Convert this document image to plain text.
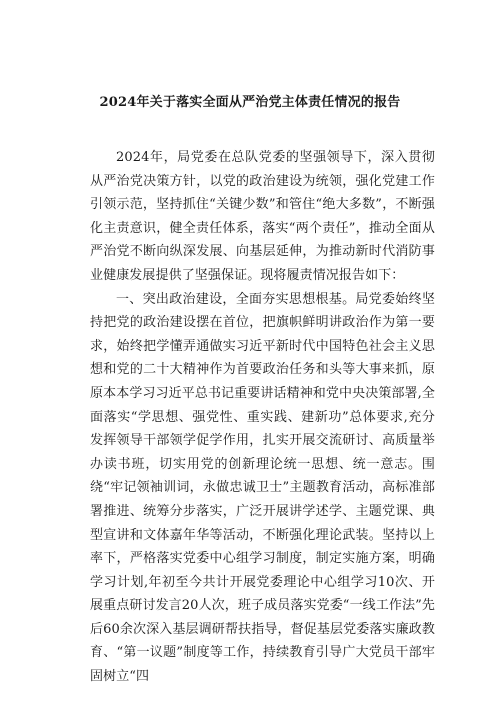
2024年关于落实全面从严治党主体责任情况的报告

2024年，局党委在总队党委的坚强领导下，深入贯彻从严治党决策方针，以党的政治建设为统领，强化党建工作引领示范，坚持抓住“关键少数”和管住“绝大多数”，不断强化主责意识，健全责任体系，落实“两个责任”，推动全面从严治党不断向纵深发展、向基层延伸，为推动新时代消防事业健康发展提供了坚强保证。现将履责情况报告如下：

一、突出政治建设，全面夯实思想根基。局党委始终坚持把党的政治建设摆在首位，把旗帜鲜明讲政治作为第一要求，始终把学懂弄通做实习近平新时代中国特色社会主义思想和党的二十大精神作为首要政治任务和头等大事来抓，原原本本学习习近平总书记重要讲话精神和党中央决策部署,全面落实“学思想、强党性、重实践、建新功”总体要求,充分发挥领导干部领学促学作用，扎实开展交流研讨、高质量举办读书班，切实用党的创新理论统一思想、统一意志。围绕“牢记领袖训词，永做忠诚卫士”主题教育活动，高标准部署推进、统筹分步落实，广泛开展讲学述学、主题党课、典型宣讲和文体嘉年华等活动，不断强化理论武装。坚持以上率下，严格落实党委中心组学习制度，制定实施方案，明确学习计划,年初至今共计开展党委理论中心组学习10次、开展重点研讨发言20人次，班子成员落实党委“一线工作法”先后60余次深入基层调研帮扶指导，督促基层党委落实廉政教育、“第一议题”制度等工作，持续教育引导广大党员干部牢固树立“四
